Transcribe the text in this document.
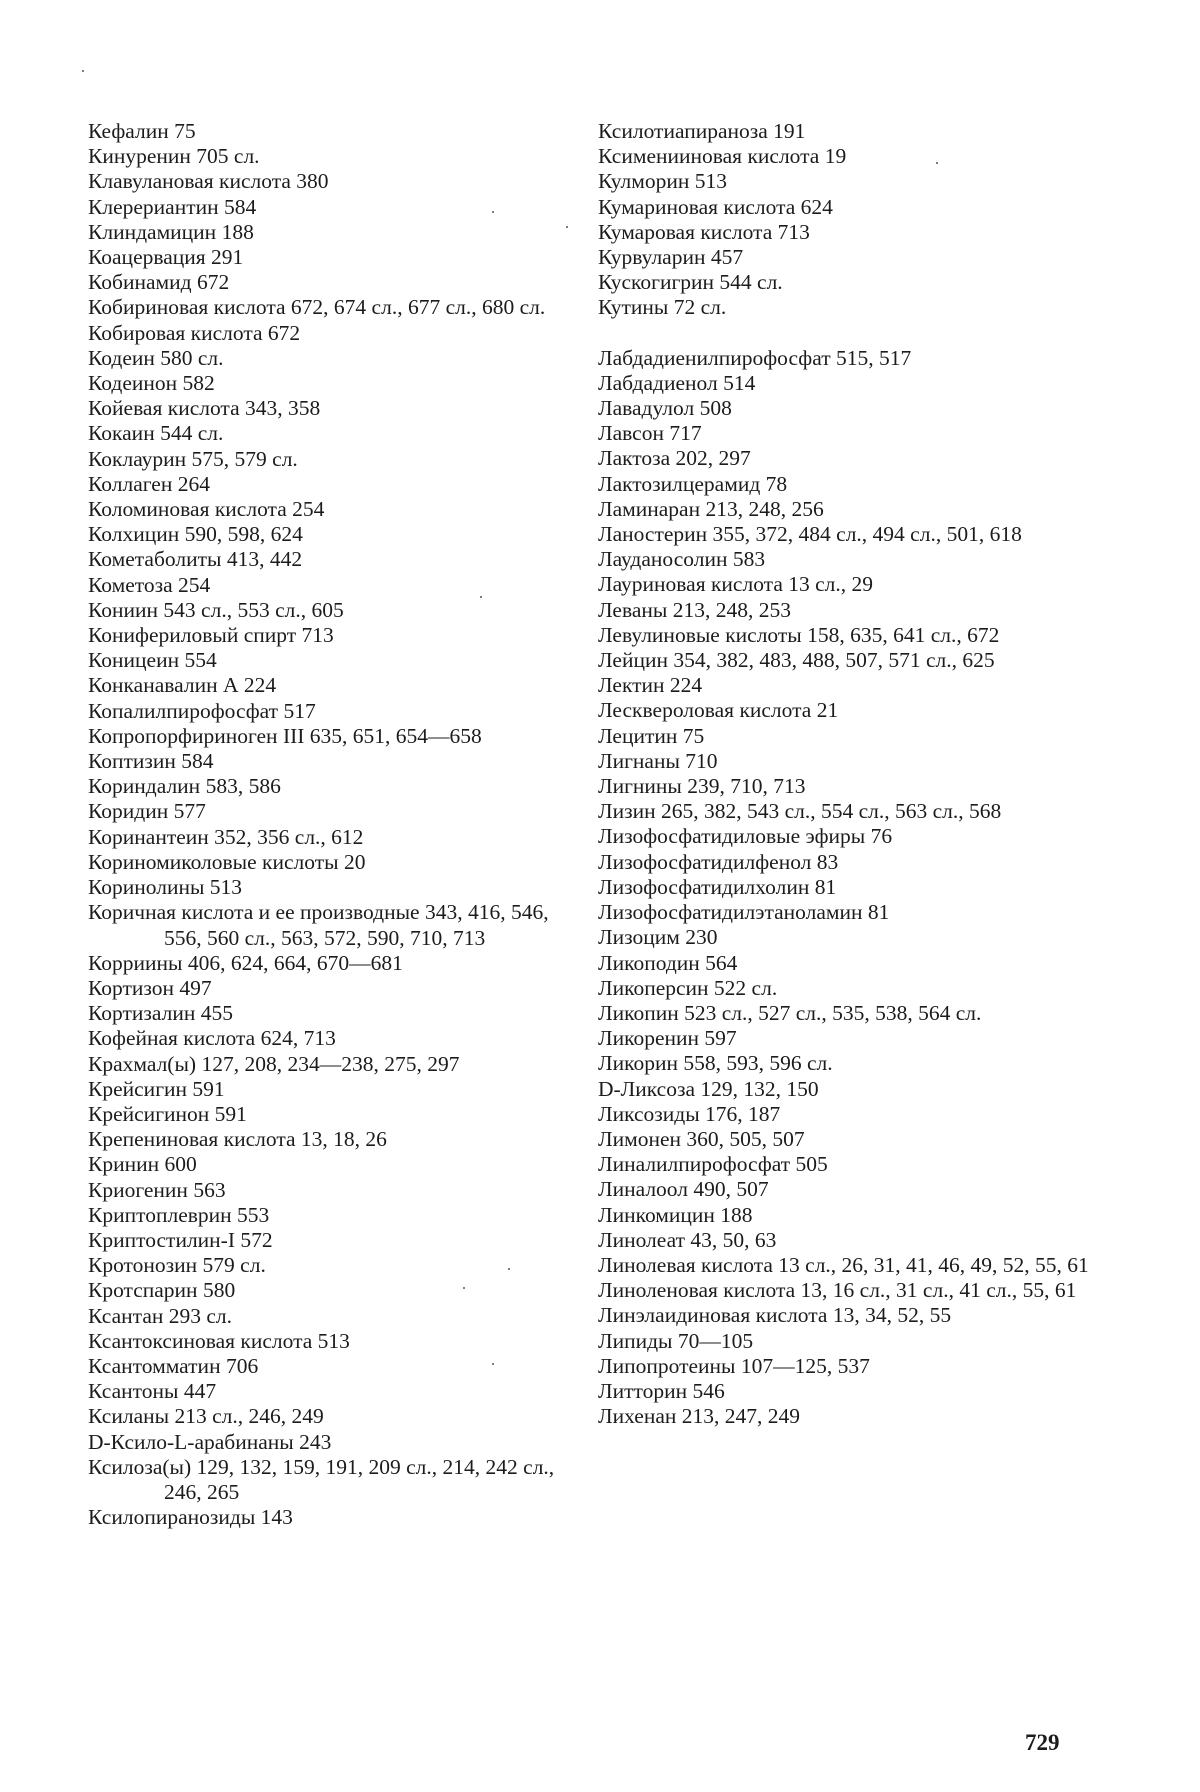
Кефалин 75

Кинуренин 705 сл.

Клавулановая кислота 380

Клерериантин 584

Клиндамицин 188

Коацервация 291

Кобинамид 672

Кобириновая кислота 672, 674 сл., 677 сл., 680 сл.

Кобировая кислота 672

Кодеин 580 сл.

Кодеинон 582

Койевая кислота 343, 358

Кокаин 544 сл.

Коклаурин 575, 579 сл.

Коллаген 264

Коломиновая кислота 254

Колхицин 590, 598, 624

Кометаболиты 413, 442

Кометоза 254

Кониин 543 сл., 553 сл., 605

Конифериловый спирт 713

Коницеин 554

Конканавалин А 224

Копалилпирофосфат 517

Копропорфириноген III 635, 651, 654—658

Коптизин 584

Кориндалин 583, 586

Коридин 577

Коринантеин 352, 356 сл., 612

Кориномиколовые кислоты 20

Коринолины 513

Коричная кислота и ее производные 343, 416, 546, 556, 560 сл., 563, 572, 590, 710, 713

Корриины 406, 624, 664, 670—681

Кортизон 497

Кортизалин 455

Кофейная кислота 624, 713

Крахмал(ы) 127, 208, 234—238, 275, 297

Крейсигин 591

Крейсигинон 591

Крепениновая кислота 13, 18, 26

Кринин 600

Криогенин 563

Криптоплеврин 553

Криптостилин-I 572

Кротонозин 579 сл.

Кротспарин 580

Ксантан 293 сл.

Ксантоксиновая кислота 513

Ксантомматин 706

Ксантоны 447

Ксиланы 213 сл., 246, 249

D-Ксило-L-арабинаны 243

Ксилоза(ы) 129, 132, 159, 191, 209 сл., 214, 242 сл., 246, 265

Ксилопиранозиды 143

Ксилотиапираноза 191

Ксименииновая кислота 19

Кулморин 513

Кумариновая кислота 624

Кумаровая кислота 713

Курвуларин 457

Кускогигрин 544 сл.

Кутины 72 сл.

Лабдадиенилпирофосфат 515, 517

Лабдадиенол 514

Лавадулол 508

Лавсон 717

Лактоза 202, 297

Лактозилцерамид 78

Ламинаран 213, 248, 256

Ланостерин 355, 372, 484 сл., 494 сл., 501, 618

Лауданосолин 583

Лауриновая кислота 13 сл., 29

Леваны 213, 248, 253

Левулиновые кислоты 158, 635, 641 сл., 672

Лейцин 354, 382, 483, 488, 507, 571 сл., 625

Лектин 224

Лесквероловая кислота 21

Лецитин 75

Лигнаны 710

Лигнины 239, 710, 713

Лизин 265, 382, 543 сл., 554 сл., 563 сл., 568

Лизофосфатидиловые эфиры 76

Лизофосфатидилфенол 83

Лизофосфатидилхолин 81

Лизофосфатидилэтаноламин 81

Лизоцим 230

Ликоподин 564

Ликоперсин 522 сл.

Ликопин 523 сл., 527 сл., 535, 538, 564 сл.

Ликоренин 597

Ликорин 558, 593, 596 сл.

D-Ликсоза 129, 132, 150

Ликсозиды 176, 187

Лимонен 360, 505, 507

Линалилпирофосфат 505

Линалоол 490, 507

Линкомицин 188

Линолеат 43, 50, 63

Линолевая кислота 13 сл., 26, 31, 41, 46, 49, 52, 55, 61

Линоленовая кислота 13, 16 сл., 31 сл., 41 сл., 55, 61

Линэлаидиновая кислота 13, 34, 52, 55

Липиды 70—105

Липопротеины 107—125, 537

Литторин 546

Лихенан 213, 247, 249

729
